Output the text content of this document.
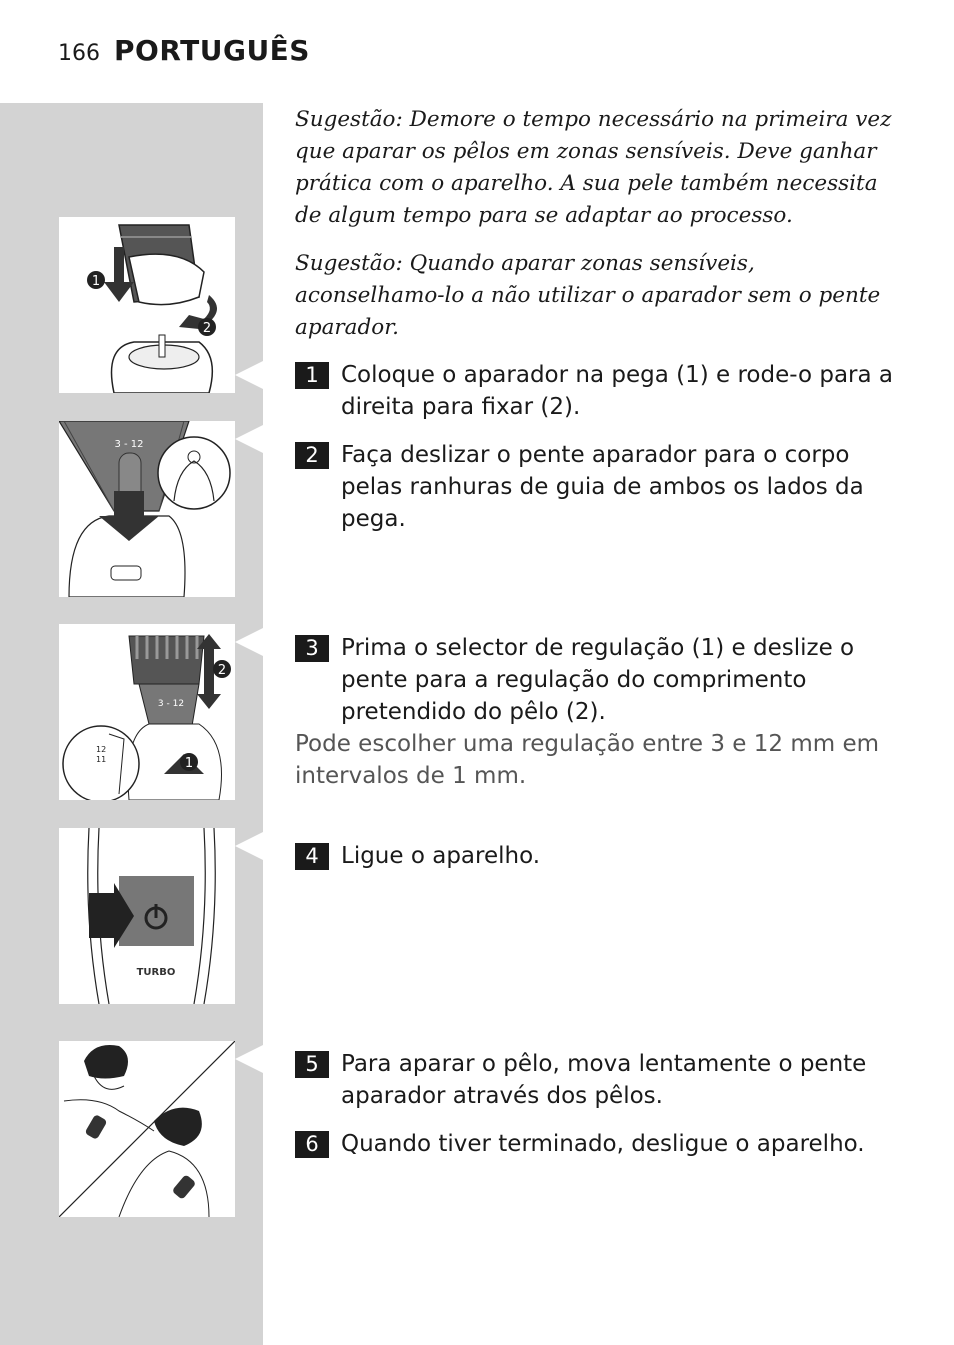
166 PORTUGUÊS
1
2
3 - 12
3 - 12
2
1
12
11
TURBO

Sugestão: Demore o tempo necessário na primeira vez que aparar os pêlos em zonas sensíveis. Deve ganhar prática com o aparelho. A sua pele também necessita de algum tempo para se adaptar ao processo.

Sugestão: Quando aparar zonas sensíveis, aconselhamo-lo a não utilizar o aparador sem o pente aparador.

1 Coloque o aparador na pega (1) e rode-o para a direita para fixar (2).
2 Faça deslizar o pente aparador para o corpo pelas ranhuras de guia de ambos os lados da pega.
3 Prima o selector de regulação (1) e deslize o pente para a regulação do comprimento pretendido do pêlo (2).
Pode escolher uma regulação entre 3 e 12 mm em intervalos de 1 mm.
4 Ligue o aparelho.
5 Para aparar o pêlo, mova lentamente o pente aparador através dos pêlos.
6 Quando tiver terminado, desligue o aparelho.
